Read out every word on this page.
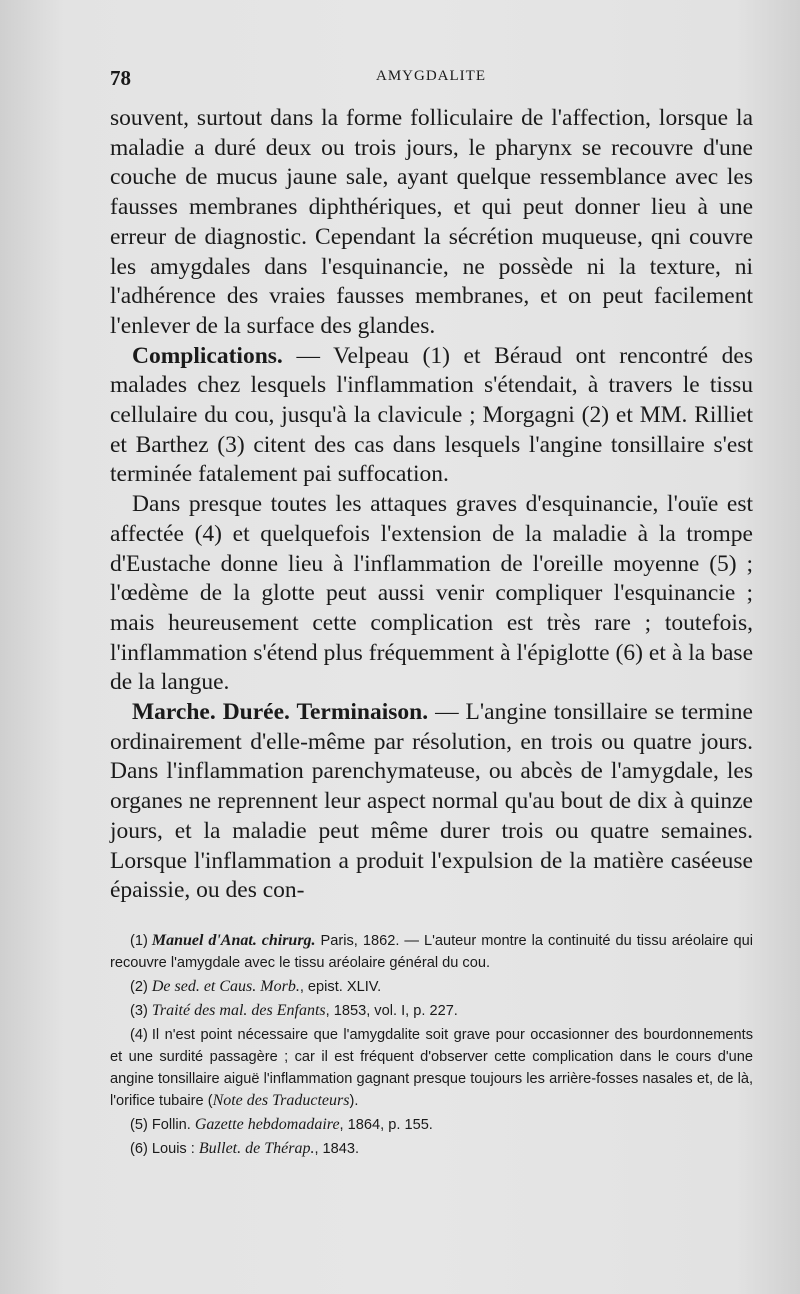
78	AMYGDALITE

souvent, surtout dans la forme folliculaire de l'affection, lorsque la maladie a duré deux ou trois jours, le pharynx se recouvre d'une couche de mucus jaune sale, ayant quelque ressemblance avec les fausses membranes diphthériques, et qui peut donner lieu à une erreur de diagnostic. Cependant la sécrétion muqueuse, qni couvre les amygdales dans l'esquinancie, ne possède ni la texture, ni l'adhérence des vraies fausses membranes, et on peut facilement l'enlever de la surface des glandes.

Complications. — Velpeau (1) et Béraud ont rencontré des malades chez lesquels l'inflammation s'étendait, à travers le tissu cellulaire du cou, jusqu'à la clavicule ; Morgagni (2) et MM. Rilliet et Barthez (3) citent des cas dans lesquels l'angine tonsillaire s'est terminée fatalement pai suffocation.

Dans presque toutes les attaques graves d'esquinancie, l'ouïe est affectée (4) et quelquefois l'extension de la maladie à la trompe d'Eustache donne lieu à l'inflammation de l'oreille moyenne (5) ; l'œdème de la glotte peut aussi venir compliquer l'esquinancie ; mais heureusement cette complication est très rare ; toutefois, l'inflammation s'étend plus fréquemment à l'épiglotte (6) et à la base de la langue.

Marche. Durée. Terminaison. — L'angine tonsillaire se termine ordinairement d'elle-même par résolution, en trois ou quatre jours. Dans l'inflammation parenchymateuse, ou abcès de l'amygdale, les organes ne reprennent leur aspect normal qu'au bout de dix à quinze jours, et la maladie peut même durer trois ou quatre semaines. Lorsque l'inflammation a produit l'expulsion de la matière caséeuse épaissie, ou des con-

(1) Manuel d'Anat. chirurg. Paris, 1862. — L'auteur montre la continuité du tissu aréolaire qui recouvre l'amygdale avec le tissu aréolaire général du cou.

(2) De sed. et Caus. Morb., epist. XLIV.

(3) Traité des mal. des Enfants, 1853, vol. I, p. 227.

(4) Il n'est point nécessaire que l'amygdalite soit grave pour occasionner des bourdonnements et une surdité passagère ; car il est fréquent d'observer cette complication dans le cours d'une angine tonsillaire aiguë l'inflammation gagnant presque toujours les arrière-fosses nasales et, de là, l'orifice tubaire (Note des Traducteurs).

(5) Follin. Gazette hebdomadaire, 1864, p. 155.

(6) Louis : Bullet. de Thérap., 1843.
